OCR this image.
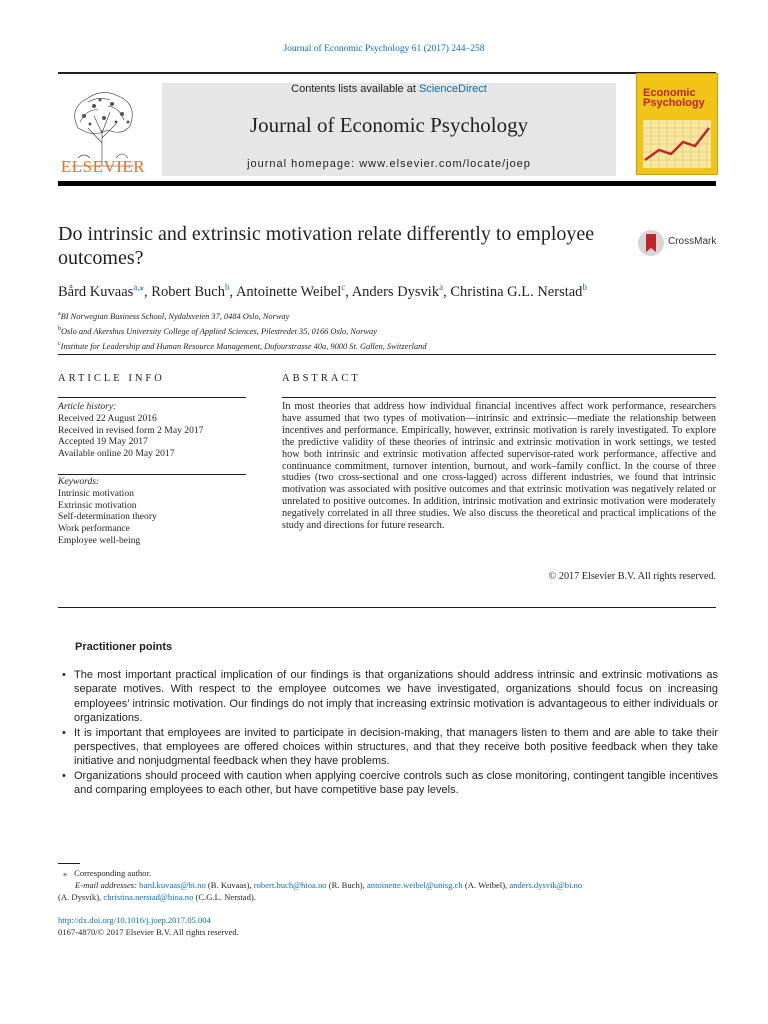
Journal of Economic Psychology 61 (2017) 244–258
ELSEVIER
Contents lists available at ScienceDirect
Journal of Economic Psychology
journal homepage: www.elsevier.com/locate/joep
Economic
Psychology
Do intrinsic and extrinsic motivation relate differently to employee outcomes?
CrossMark
Bård Kuvaas$^{a,⁎}$, Robert Buch$^b$, Antoinette Weibel$^c$, Anders Dysvik$^a$, Christina G.L. Nerstad$^b$
$^a$BI Norwegian Business School, Nydalsveien 37, 0484 Oslo, Norway
$^b$Oslo and Akershus University College of Applied Sciences, Pilestredet 35, 0166 Oslo, Norway
$^c$Institute for Leadership and Human Resource Management, Dufourstrasse 40a, 9000 St. Gallen, Switzerland
ARTICLE INFO	ABSTRACT
Article history:
Received 22 August 2016
Received in revised form 2 May 2017
Accepted 19 May 2017
Available online 20 May 2017
Keywords:
Intrinsic motivation
Extrinsic motivation
Self-determination theory
Work performance
Employee well-being
In most theories that address how individual financial incentives affect work performance, researchers have assumed that two types of motivation—intrinsic and extrinsic—mediate the relationship between incentives and performance. Empirically, however, extrinsic motivation is rarely investigated. To explore the predictive validity of these theories of intrinsic and extrinsic motivation in work settings, we tested how both intrinsic and extrinsic motivation affected supervisor-rated work performance, affective and continuance commitment, turnover intention, burnout, and work–family conflict. In the course of three studies (two cross-sectional and one cross-lagged) across different industries, we found that intrinsic motivation was associated with positive outcomes and that extrinsic motivation was negatively related or unrelated to positive outcomes. In addition, intrinsic motivation and extrinsic motivation were moderately negatively correlated in all three studies. We also discuss the theoretical and practical implications of the study and directions for future research.
© 2017 Elsevier B.V. All rights reserved.
Practitioner points
• The most important practical implication of our findings is that organizations should address intrinsic and extrinsic motivations as separate motives. With respect to the employee outcomes we have investigated, organizations should focus on increasing employees’ intrinsic motivation. Our findings do not imply that increasing extrinsic motivation is advantageous to either individuals or organizations.
• It is important that employees are invited to participate in decision-making, that managers listen to them and are able to take their perspectives, that employees are offered choices within structures, and that they receive both positive feedback when they take initiative and nonjudgmental feedback when they have problems.
• Organizations should proceed with caution when applying coercive controls such as close monitoring, contingent tangible incentives and comparing employees to each other, but have competitive base pay levels.
⁎ Corresponding author.
E-mail addresses: bard.kuvaas@bi.no (B. Kuvaas), robert.buch@hioa.no (R. Buch), antoinette.weibel@unisg.ch (A. Weibel), anders.dysvik@bi.no
(A. Dysvik), christina.nerstad@hioa.no (C.G.L. Nerstad).
http://dx.doi.org/10.1016/j.joep.2017.05.004
0167-4870/© 2017 Elsevier B.V. All rights reserved.
